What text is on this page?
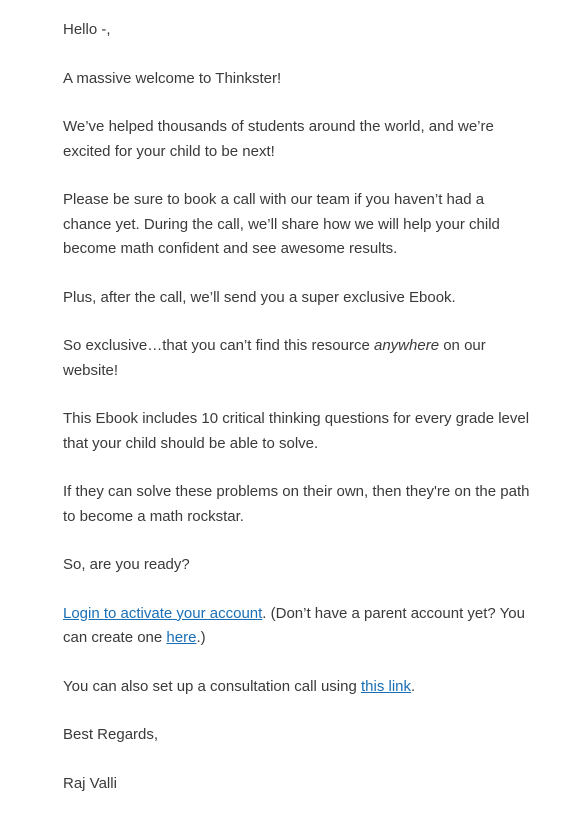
Hello -,

A massive welcome to Thinkster!

We’ve helped thousands of students around the world, and we’re excited for your child to be next!

Please be sure to book a call with our team if you haven’t had a chance yet. During the call, we’ll share how we will help your child become math confident and see awesome results.

Plus, after the call, we’ll send you a super exclusive Ebook.

So exclusive…that you can’t find this resource anywhere on our website!

This Ebook includes 10 critical thinking questions for every grade level that your child should be able to solve.

If they can solve these problems on their own, then they're on the path to become a math rockstar.

So, are you ready?

Login to activate your account. (Don’t have a parent account yet? You can create one here.)

You can also set up a consultation call using this link.

Best Regards,

Raj Valli
